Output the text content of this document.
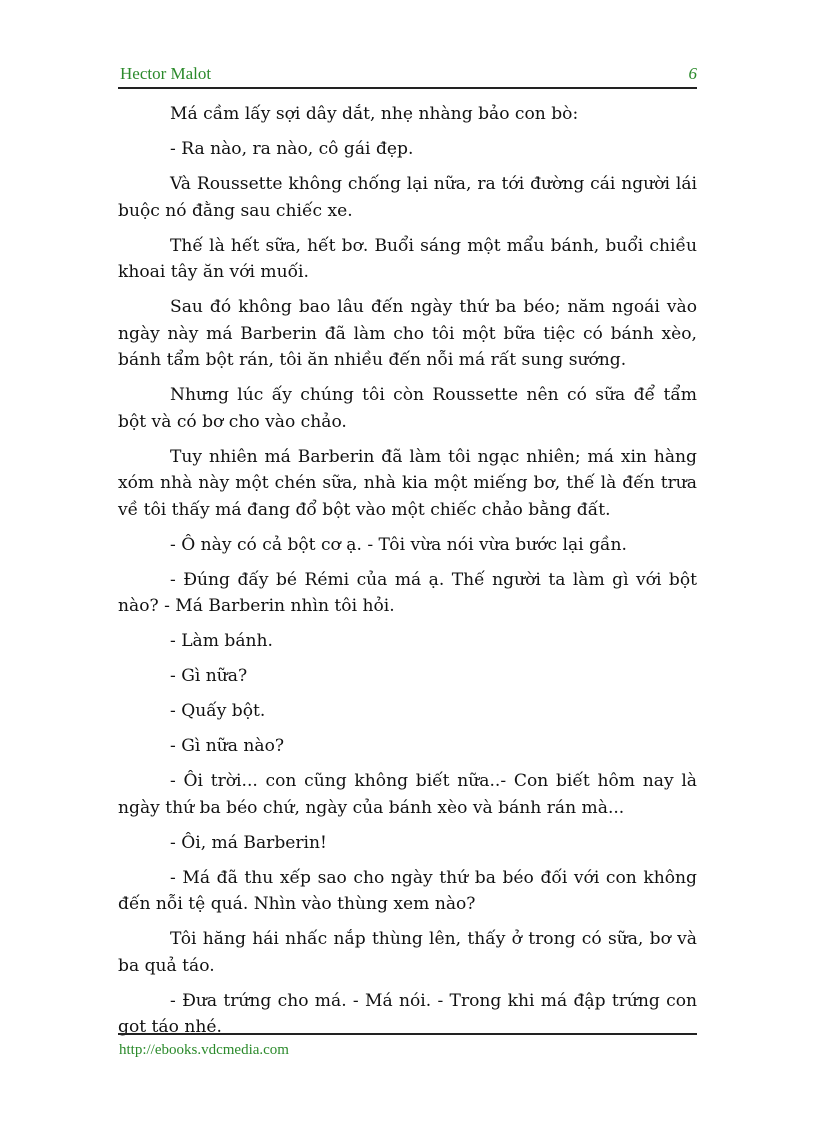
Hector Malot	6

Má cầm lấy sợi dây dắt, nhẹ nhàng bảo con bò:

- Ra nào, ra nào, cô gái đẹp.

Và Roussette không chống lại nữa, ra tới đường cái người lái buộc nó đằng sau chiếc xe.

Thế là hết sữa, hết bơ. Buổi sáng một mẩu bánh, buổi chiều khoai tây ăn với muối.

Sau đó không bao lâu đến ngày thứ ba béo; năm ngoái vào ngày này má Barberin đã làm cho tôi một bữa tiệc có bánh xèo, bánh tẩm bột rán, tôi ăn nhiều đến nỗi má rất sung sướng.

Nhưng lúc ấy chúng tôi còn Roussette nên có sữa để tẩm bột và có bơ cho vào chảo.

Tuy nhiên má Barberin đã làm tôi ngạc nhiên; má xin hàng xóm nhà này một chén sữa, nhà kia một miếng bơ, thế là đến trưa về tôi thấy má đang đổ bột vào một chiếc chảo bằng đất.

- Ô này có cả bột cơ ạ. - Tôi vừa nói vừa bước lại gần.

- Đúng đấy bé Rémi của má ạ. Thế người ta làm gì với bột nào? - Má Barberin nhìn tôi hỏi.

- Làm bánh.

- Gì nữa?

- Quấy bột.

- Gì nữa nào?

- Ôi trời... con cũng không biết nữa..- Con biết hôm nay là ngày thứ ba béo chứ, ngày của bánh xèo và bánh rán mà...

- Ôi, má Barberin!

- Má đã thu xếp sao cho ngày thứ ba béo đối với con không đến nỗi tệ quá. Nhìn vào thùng xem nào?

Tôi hăng hái nhấc nắp thùng lên, thấy ở trong có sữa, bơ và ba quả táo.

- Đưa trứng cho má. - Má nói. - Trong khi má đập trứng con gọt táo nhé.

http://ebooks.vdcmedia.com
